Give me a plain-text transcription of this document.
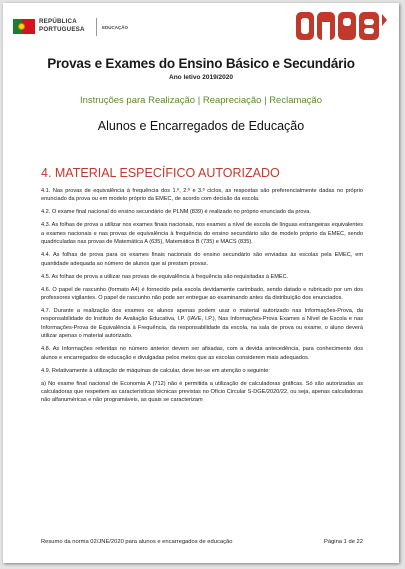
REPÚBLICA
PORTUGUESA	EDUCAÇÃO
Provas e Exames do Ensino Básico e Secundário
Ano letivo 2019/2020
Instruções para Realização | Reapreciação | Reclamação
Alunos e Encarregados de Educação
4. MATERIAL ESPECÍFICO AUTORIZADO

4.1. Nas provas de equivalência à frequência dos 1.º, 2.º e 3.º ciclos, as respostas são preferencialmente dadas no próprio enunciado da prova ou em modelo próprio da EMEC, de acordo com decisão da escola.

4.2. O exame final nacional do ensino secundário de PLNM (839) é realizado no próprio enunciado da prova.

4.3. As folhas de prova a utilizar nos exames finais nacionais, nos exames a nível de escola de línguas estrangeiras equivalentes a exames nacionais e nas provas de equivalência à frequência do ensino secundário são de modelo próprio da EMEC, sendo quadriculadas nas provas de Matemática A (635), Matemática B (735) e MACS (835).

4.4. As folhas de prova para os exames finais nacionais do ensino secundário são enviadas às escolas pela EMEC, em quantidade adequada ao número de alunos que aí prestam provas.

4.5. As folhas de prova a utilizar nas provas de equivalência à frequência são requisitadas à EMEC.

4.6. O papel de rascunho (formato A4) é fornecido pela escola devidamente carimbado, sendo datado e rubricado por um dos professores vigilantes. O papel de rascunho não pode ser entregue ao examinando antes da distribuição dos enunciados.

4.7. Durante a realização dos exames os alunos apenas podem usar o material autorizado nas Informações-Prova, da responsabilidade do Instituto de Avaliação Educativa, I.P. (IAVE, I.P.), Nas Informações-Prova Exames a Nível de Escola e nas Informações-Prova de Equivalência à Frequência, da responsabilidade da escola, na sala de prova ou exame, o aluno deverá utilizar apenas o material autorizado.

4.8. As Informações referidas no número anterior devem ser afixadas, com a devida antecedência, para conhecimento dos alunos e encarregados de educação e divulgadas pelos meios que as escolas considerem mais adequados.

4.9. Relativamente à utilização de máquinas de calcular, deve ter-se em atenção o seguinte:

a) No exame final nacional de Economia A (712) não é permitida a utilização de calculadoras gráficas. Só são autorizadas as calculadoras que respeitem as características técnicas previstas no Ofício Circular S-DGE/2020/22, ou seja, apenas calculadoras não alfanuméricas e não programáveis, as quais se caracterizam

Resumo da norma 02/JNE/2020 para alunos e encarregados de educação	Página 1 de 22
